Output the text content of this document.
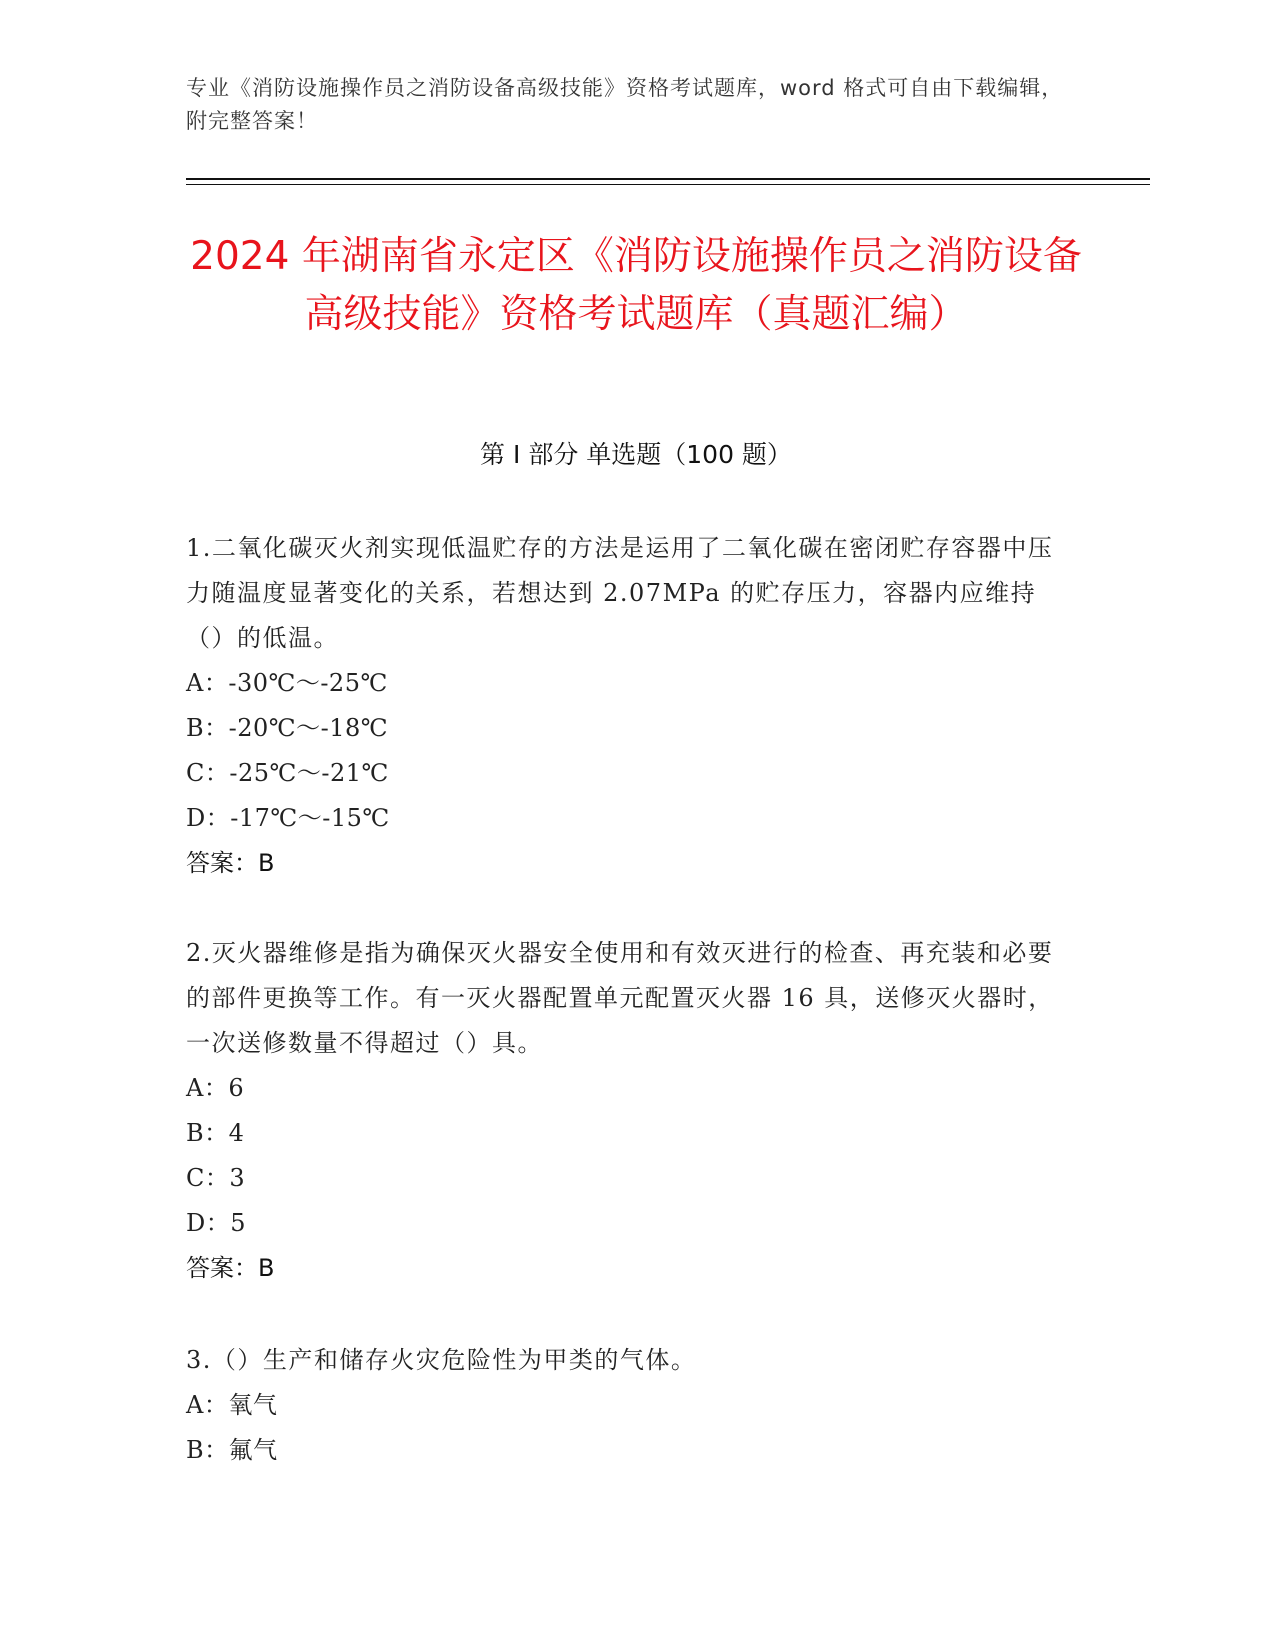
专业《消防设施操作员之消防设备高级技能》资格考试题库，word 格式可自由下载编辑，附完整答案！
2024 年湖南省永定区《消防设施操作员之消防设备高级技能》资格考试题库（真题汇编）
第 I 部分 单选题（100 题）
1.二氧化碳灭火剂实现低温贮存的方法是运用了二氧化碳在密闭贮存容器中压力随温度显著变化的关系，若想达到 2.07MPa 的贮存压力，容器内应维持（）的低温。
A：-30℃～-25℃
B：-20℃～-18℃
C：-25℃～-21℃
D：-17℃～-15℃
答案：B
2.灭火器维修是指为确保灭火器安全使用和有效灭进行的检查、再充装和必要的部件更换等工作。有一灭火器配置单元配置灭火器 16 具，送修灭火器时，一次送修数量不得超过（）具。
A：6
B：4
C：3
D：5
答案：B
3.（）生产和储存火灾危险性为甲类的气体。
A：氧气
B：氟气
